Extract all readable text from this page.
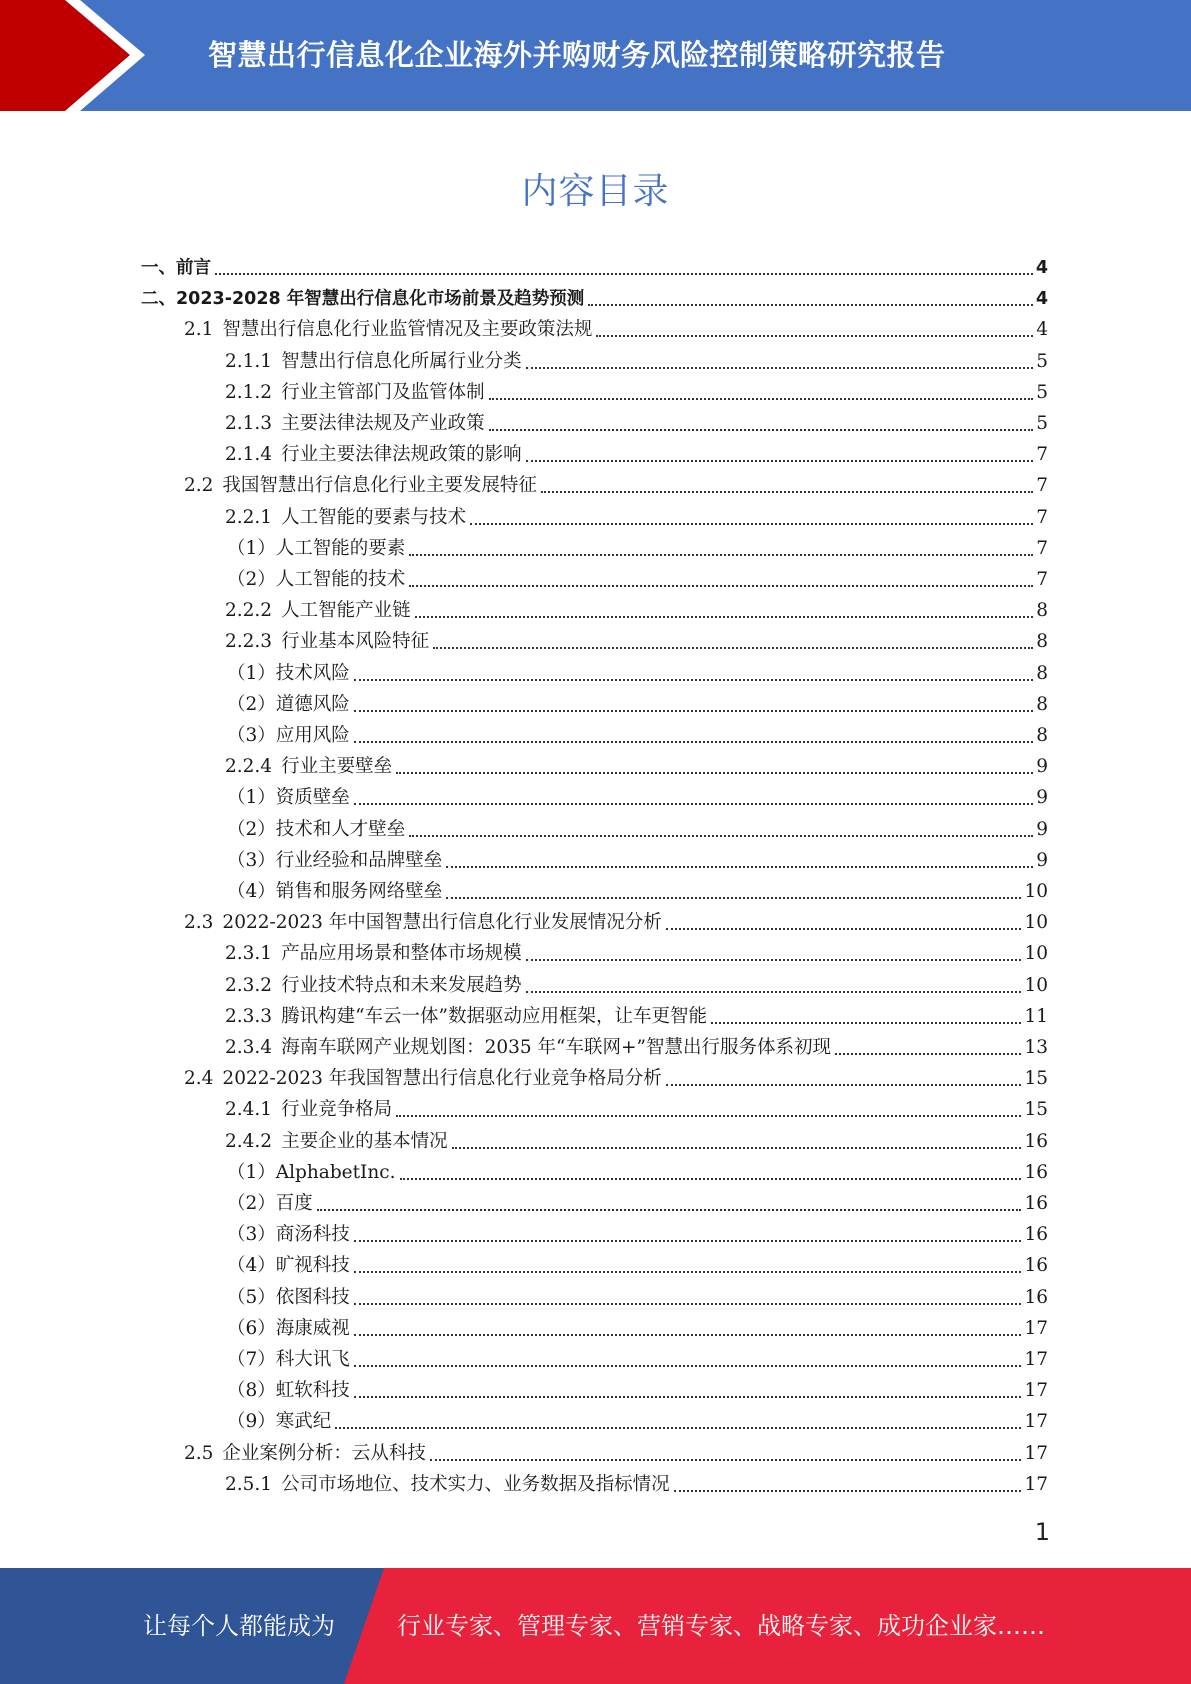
智慧出行信息化企业海外并购财务风险控制策略研究报告
内容目录
一、前言	4
二、2023-2028 年智慧出行信息化市场前景及趋势预测	4
2.1 智慧出行信息化行业监管情况及主要政策法规	4
2.1.1 智慧出行信息化所属行业分类	5
2.1.2 行业主管部门及监管体制	5
2.1.3 主要法律法规及产业政策	5
2.1.4 行业主要法律法规政策的影响	7
2.2 我国智慧出行信息化行业主要发展特征	7
2.2.1 人工智能的要素与技术	7
（1）人工智能的要素	7
（2）人工智能的技术	7
2.2.2 人工智能产业链	8
2.2.3 行业基本风险特征	8
（1）技术风险	8
（2）道德风险	8
（3）应用风险	8
2.2.4 行业主要壁垒	9
（1）资质壁垒	9
（2）技术和人才壁垒	9
（3）行业经验和品牌壁垒	9
（4）销售和服务网络壁垒	10
2.3 2022-2023 年中国智慧出行信息化行业发展情况分析	10
2.3.1 产品应用场景和整体市场规模	10
2.3.2 行业技术特点和未来发展趋势	10
2.3.3 腾讯构建“车云一体”数据驱动应用框架，让车更智能	11
2.3.4 海南车联网产业规划图：2035 年“车联网+”智慧出行服务体系初现	13
2.4 2022-2023 年我国智慧出行信息化行业竞争格局分析	15
2.4.1 行业竞争格局	15
2.4.2 主要企业的基本情况	16
（1）AlphabetInc.	16
（2）百度	16
（3）商汤科技	16
（4）旷视科技	16
（5）依图科技	16
（6）海康威视	17
（7）科大讯飞	17
（8）虹软科技	17
（9）寒武纪	17
2.5 企业案例分析：云从科技	17
2.5.1 公司市场地位、技术实力、业务数据及指标情况	17
1
让每个人都能成为	行业专家、管理专家、营销专家、战略专家、成功企业家……
